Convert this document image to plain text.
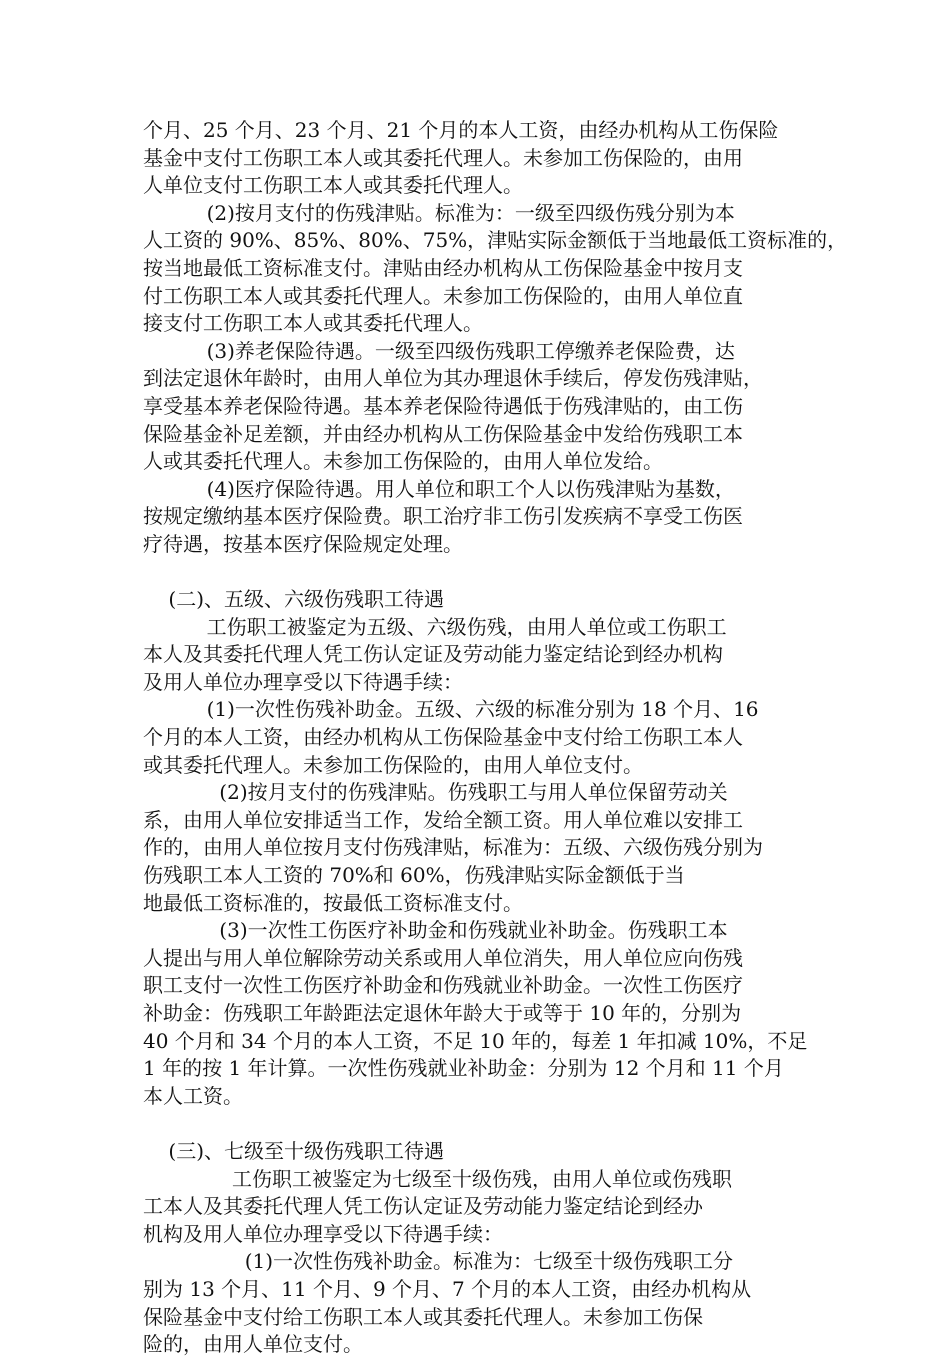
个月、25 个月、23 个月、21 个月的本人工资，由经办机构从工伤保险
基金中支付工伤职工本人或其委托代理人。未参加工伤保险的，由用
人单位支付工伤职工本人或其委托代理人。
(2)按月支付的伤残津贴。标准为：一级至四级伤残分别为本
人工资的 90%、85%、80%、75%，津贴实际金额低于当地最低工资标准的，
按当地最低工资标准支付。津贴由经办机构从工伤保险基金中按月支
付工伤职工本人或其委托代理人。未参加工伤保险的，由用人单位直
接支付工伤职工本人或其委托代理人。
(3)养老保险待遇。一级至四级伤残职工停缴养老保险费，达
到法定退休年龄时，由用人单位为其办理退休手续后，停发伤残津贴，
享受基本养老保险待遇。基本养老保险待遇低于伤残津贴的，由工伤
保险基金补足差额，并由经办机构从工伤保险基金中发给伤残职工本
人或其委托代理人。未参加工伤保险的，由用人单位发给。
(4)医疗保险待遇。用人单位和职工个人以伤残津贴为基数，
按规定缴纳基本医疗保险费。职工治疗非工伤引发疾病不享受工伤医
疗待遇，按基本医疗保险规定处理。
(二)、五级、六级伤残职工待遇
工伤职工被鉴定为五级、六级伤残，由用人单位或工伤职工
本人及其委托代理人凭工伤认定证及劳动能力鉴定结论到经办机构
及用人单位办理享受以下待遇手续：
(1)一次性伤残补助金。五级、六级的标准分别为 18 个月、16
个月的本人工资，由经办机构从工伤保险基金中支付给工伤职工本人
或其委托代理人。未参加工伤保险的，由用人单位支付。
(2)按月支付的伤残津贴。伤残职工与用人单位保留劳动关
系，由用人单位安排适当工作，发给全额工资。用人单位难以安排工
作的，由用人单位按月支付伤残津贴，标准为：五级、六级伤残分别为
伤残职工本人工资的 70%和 60%，伤残津贴实际金额低于当
地最低工资标准的，按最低工资标准支付。
(3)一次性工伤医疗补助金和伤残就业补助金。伤残职工本
人提出与用人单位解除劳动关系或用人单位消失，用人单位应向伤残
职工支付一次性工伤医疗补助金和伤残就业补助金。一次性工伤医疗
补助金：伤残职工年龄距法定退休年龄大于或等于 10 年的，分别为
40 个月和 34 个月的本人工资，不足 10 年的，每差 1 年扣减 10%，不足
1 年的按 1 年计算。一次性伤残就业补助金：分别为 12 个月和 11 个月
本人工资。
(三)、七级至十级伤残职工待遇
工伤职工被鉴定为七级至十级伤残，由用人单位或伤残职
工本人及其委托代理人凭工伤认定证及劳动能力鉴定结论到经办
机构及用人单位办理享受以下待遇手续：
(1)一次性伤残补助金。标准为：七级至十级伤残职工分
别为 13 个月、11 个月、9 个月、7 个月的本人工资，由经办机构从
保险基金中支付给工伤职工本人或其委托代理人。未参加工伤保
险的，由用人单位支付。
